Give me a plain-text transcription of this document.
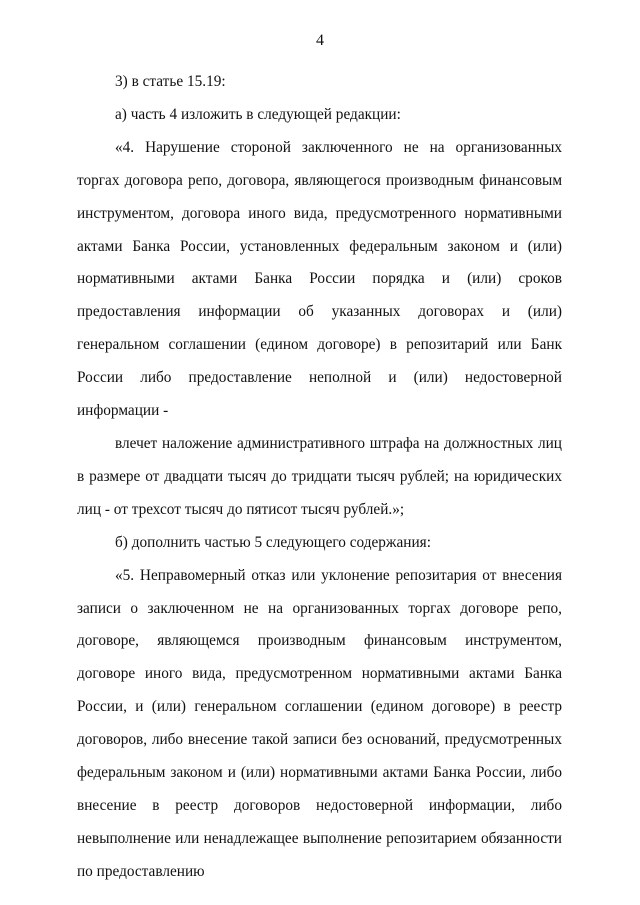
4

3) в статье 15.19:

а) часть 4 изложить в следующей редакции:

«4. Нарушение стороной заключенного не на организованных торгах договора репо, договора, являющегося производным финансовым инструментом, договора иного вида, предусмотренного нормативными актами Банка России, установленных федеральным законом и (или) нормативными актами Банка России порядка и (или) сроков предоставления информации об указанных договорах и (или) генеральном соглашении (едином договоре) в репозитарий или Банк России либо предоставление неполной и (или) недостоверной информации -

влечет наложение административного штрафа на должностных лиц в размере от двадцати тысяч до тридцати тысяч рублей; на юридических лиц - от трехсот тысяч до пятисот тысяч рублей.»;

б) дополнить частью 5 следующего содержания:

«5. Неправомерный отказ или уклонение репозитария от внесения записи о заключенном не на организованных торгах договоре репо, договоре, являющемся производным финансовым инструментом, договоре иного вида, предусмотренном нормативными актами Банка России, и (или) генеральном соглашении (едином договоре) в реестр договоров, либо внесение такой записи без оснований, предусмотренных федеральным законом и (или) нормативными актами Банка России, либо внесение в реестр договоров недостоверной информации, либо невыполнение или ненадлежащее выполнение репозитарием обязанности по предоставлению
